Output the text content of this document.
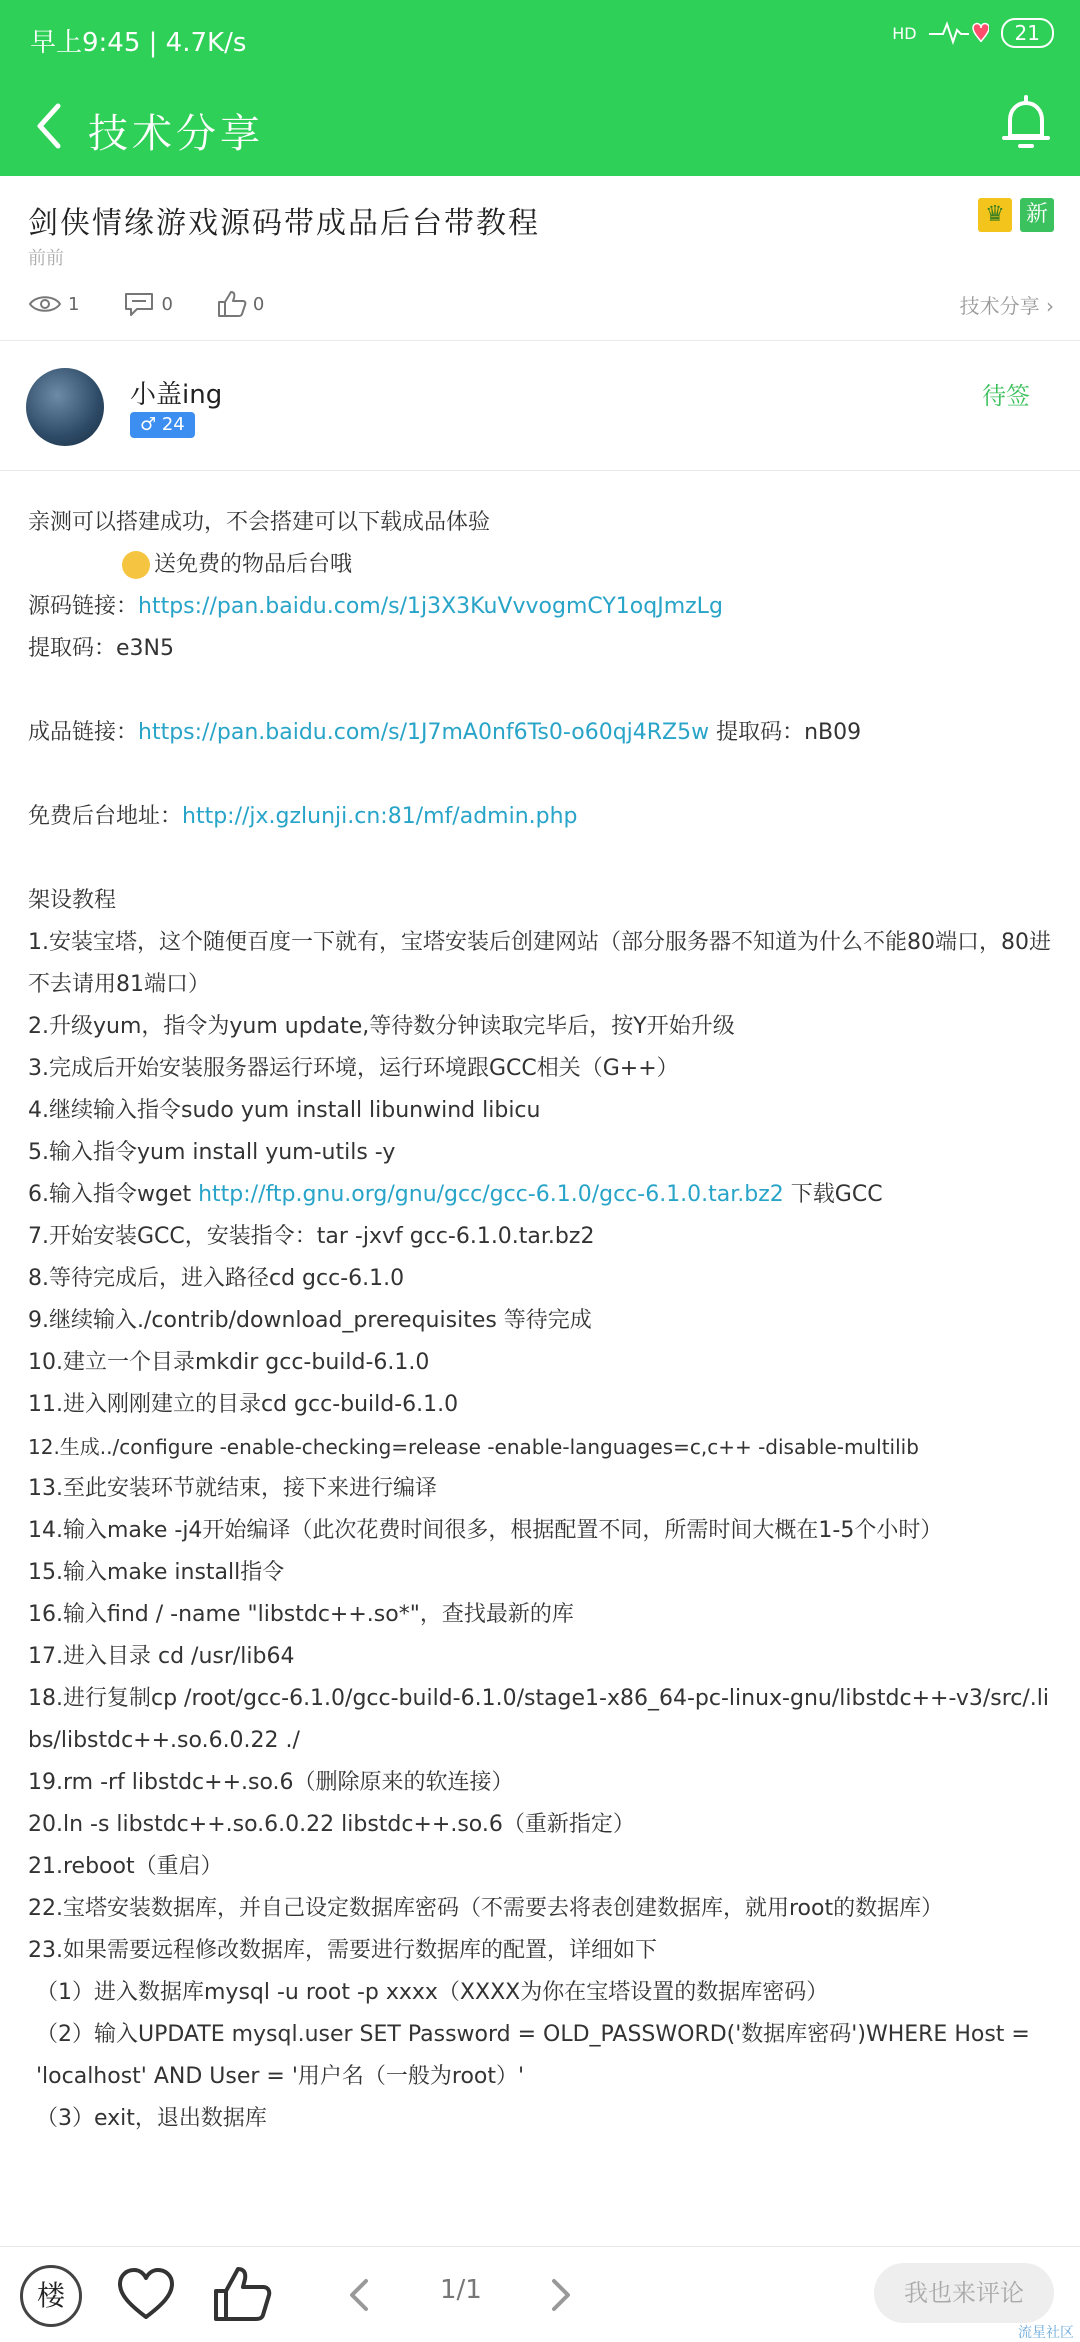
早上9:45 | 4.7K/s	HD	21
技术分享
剑侠情缘游戏源码带成品后台带教程	♛ 新
前前
1	0	0	技术分享 ›
小盖ing
♂ 24
待签
亲测可以搭建成功，不会搭建可以下载成品体验
送免费的物品后台哦
源码链接：https://pan.baidu.com/s/1j3X3KuVvvogmCY1oqJmzLg
提取码：e3N5
成品链接：https://pan.baidu.com/s/1J7mA0nf6Ts0-o60qj4RZ5w 提取码：nB09
免费后台地址：http://jx.gzlunji.cn:81/mf/admin.php
架设教程
1.安装宝塔，这个随便百度一下就有，宝塔安装后创建网站（部分服务器不知道为什么不能80端口，80进不去请用81端口）
2.升级yum，指令为yum update,等待数分钟读取完毕后，按Y开始升级
3.完成后开始安装服务器运行环境，运行环境跟GCC相关（G++）
4.继续输入指令sudo yum install libunwind libicu
5.输入指令yum install yum-utils -y
6.输入指令wget http://ftp.gnu.org/gnu/gcc/gcc-6.1.0/gcc-6.1.0.tar.bz2 下载GCC
7.开始安装GCC，安装指令：tar -jxvf gcc-6.1.0.tar.bz2
8.等待完成后，进入路径cd gcc-6.1.0
9.继续输入./contrib/download_prerequisites 等待完成
10.建立一个目录mkdir gcc-build-6.1.0
11.进入刚刚建立的目录cd gcc-build-6.1.0
12.生成../configure -enable-checking=release -enable-languages=c,c++ -disable-multilib
13.至此安装环节就结束，接下来进行编译
14.输入make -j4开始编译（此次花费时间很多，根据配置不同，所需时间大概在1-5个小时）
15.输入make install指令
16.输入find / -name "libstdc++.so*"，查找最新的库
17.进入目录 cd /usr/lib64
18.进行复制cp /root/gcc-6.1.0/gcc-build-6.1.0/stage1-x86_64-pc-linux-gnu/libstdc++-v3/src/.libs/libstdc++.so.6.0.22 ./
19.rm -rf libstdc++.so.6（删除原来的软连接）
20.ln -s libstdc++.so.6.0.22 libstdc++.so.6（重新指定）
21.reboot（重启）
22.宝塔安装数据库，并自己设定数据库密码（不需要去将表创建数据库，就用root的数据库）
23.如果需要远程修改数据库，需要进行数据库的配置，详细如下
（1）进入数据库mysql -u root -p xxxx（XXXX为你在宝塔设置的数据库密码）
（2）输入UPDATE mysql.user SET Password = OLD_PASSWORD('数据库密码')WHERE Host = 'localhost' AND User = '用户名（一般为root）'
（3）exit，退出数据库
楼	1/1	我也来评论
流星社区
